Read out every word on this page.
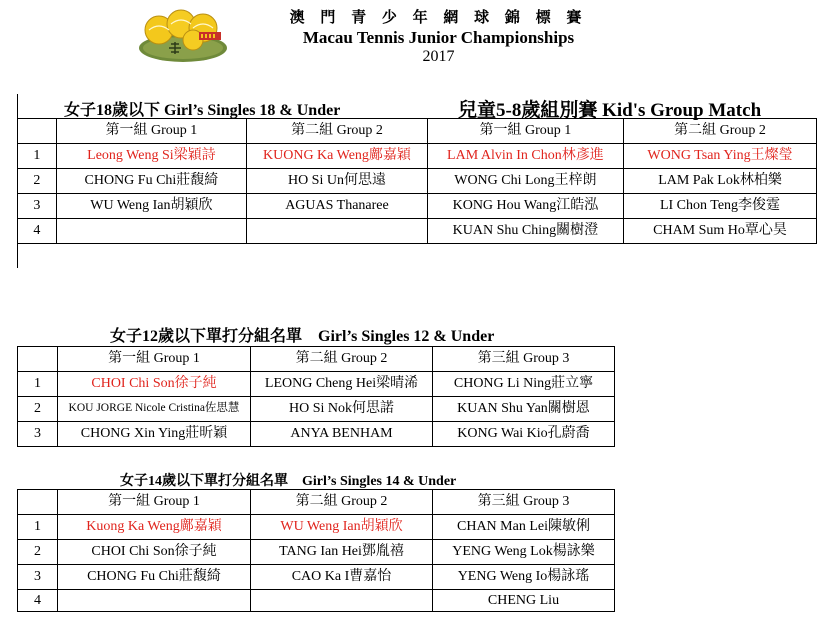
澳 門 青 少 年 網 球 錦 標 賽
Macau Tennis Junior Championships
2017
女子18歲以下 Girl’s Singles 18 & Under	兒童5-8歲組別賽 Kid's Group Match
	第一組 Group 1	第二組 Group 2	第一組 Group 1	第二組 Group 2
1	Leong Weng Si梁穎詩	KUONG Ka Weng鄺嘉穎	LAM Alvin In Chon林彥進	WONG Tsan Ying王燦瑩
2	CHONG Fu Chi莊馥綺	HO Si Un何思遠	WONG Chi Long王梓朗	LAM Pak Lok林柏樂
3	WU Weng Ian胡穎欣	AGUAS Thanaree	KONG Hou Wang江皓泓	LI Chon Teng李俊霆
4			KUAN Shu Ching關樹澄	CHAM Sum Ho覃心昊
女子12歲以下單打分組名單　Girl’s Singles 12 & Under
	第一組 Group 1	第二組 Group 2	第三組 Group 3
1	CHOI Chi Son徐子純	LEONG Cheng Hei梁晴浠	CHONG Li Ning莊立寧
2	KOU JORGE Nicole Cristina佐思慧	HO Si Nok何思諾	KUAN Shu Yan關樹恩
3	CHONG Xin Ying莊昕穎	ANYA BENHAM	KONG Wai Kio孔蔚喬
女子14歲以下單打分組名單　Girl’s Singles 14 & Under
	第一組 Group 1	第二組 Group 2	第三組 Group 3
1	Kuong Ka Weng鄺嘉穎	WU Weng Ian胡穎欣	CHAN Man Lei陳敏俐
2	CHOI Chi Son徐子純	TANG Ian Hei鄧胤禧	YENG Weng Lok楊詠樂
3	CHONG Fu Chi莊馥綺	CAO Ka I曹嘉怡	YENG Weng Io楊詠瑤
4			CHENG Liu
